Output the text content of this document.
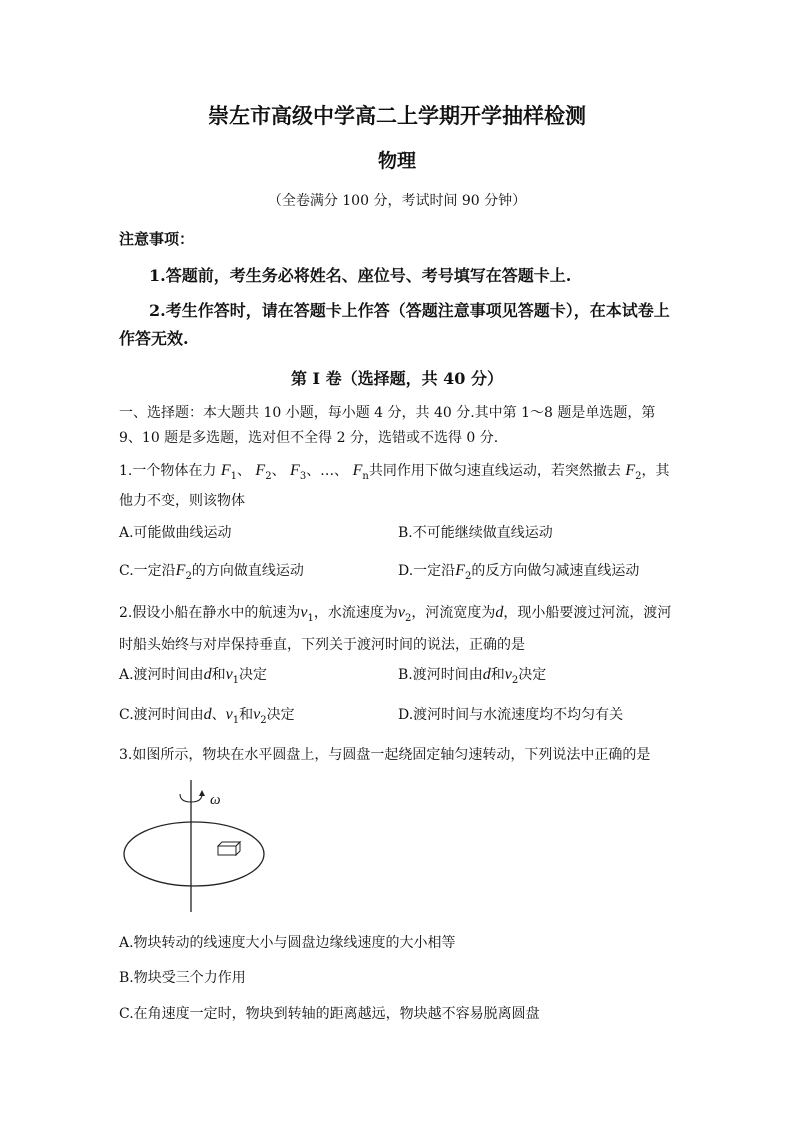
崇左市高级中学高二上学期开学抽样检测
物理
（全卷满分 100 分，考试时间 90 分钟）
注意事项：
1.答题前，考生务必将姓名、座位号、考号填写在答题卡上.
2.考生作答时，请在答题卡上作答（答题注意事项见答题卡），在本试卷上作答无效.
第 I 卷（选择题，共 40 分）
一、选择题：本大题共 10 小题，每小题 4 分，共 40 分.其中第 1～8 题是单选题，第 9、10 题是多选题，选对但不全得 2 分，选错或不选得 0 分.
1.一个物体在力 $F_1$、 $F_2$、 $F_3$、…、 $F_n$共同作用下做匀速直线运动，若突然撤去 $F_2$，其他力不变，则该物体
A.可能做曲线运动	B.不可能继续做直线运动
C.一定沿$F_2$的方向做直线运动	D.一定沿$F_2$的反方向做匀减速直线运动
2.假设小船在静水中的航速为$v_1$，水流速度为$v_2$，河流宽度为d，现小船要渡过河流，渡河时船头始终与对岸保持垂直，下列关于渡河时间的说法，正确的是
A.渡河时间由d和$v_1$决定	B.渡河时间由d和$v_2$决定
C.渡河时间由d、$v_1$和$v_2$决定	D.渡河时间与水流速度均不均匀有关
3.如图所示，物块在水平圆盘上，与圆盘一起绕固定轴匀速转动，下列说法中正确的是
ω
A.物块转动的线速度大小与圆盘边缘线速度的大小相等
B.物块受三个力作用
C.在角速度一定时，物块到转轴的距离越远，物块越不容易脱离圆盘
